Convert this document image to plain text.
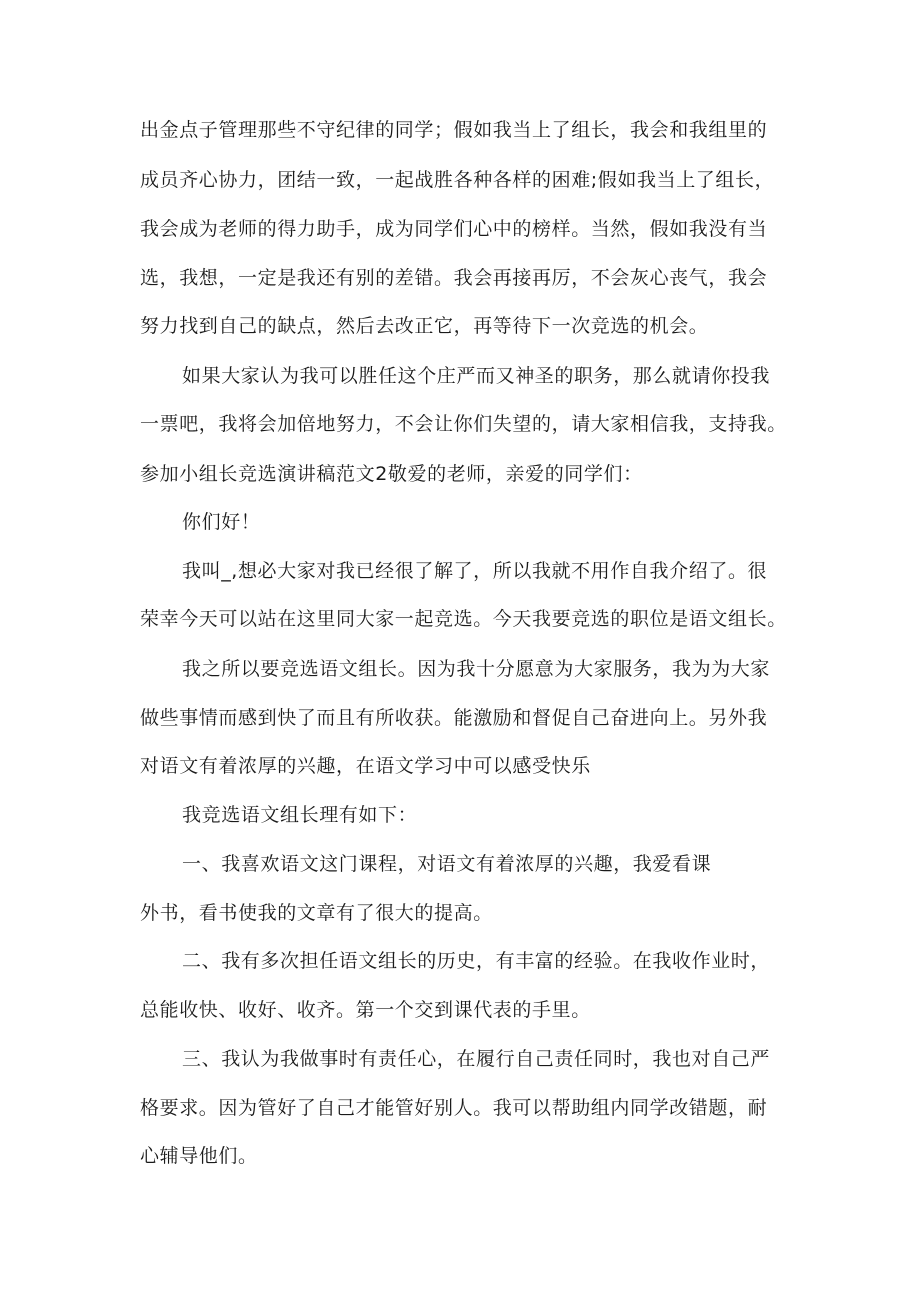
出金点子管理那些不守纪律的同学；假如我当上了组长，我会和我组里的
成员齐心协力，团结一致，一起战胜各种各样的困难;假如我当上了组长，
我会成为老师的得力助手，成为同学们心中的榜样。当然，假如我没有当
选，我想，一定是我还有别的差错。我会再接再厉，不会灰心丧气，我会
努力找到自己的缺点，然后去改正它，再等待下一次竞选的机会。
如果大家认为我可以胜任这个庄严而又神圣的职务，那么就请你投我
一票吧，我将会加倍地努力，不会让你们失望的，请大家相信我，支持我。
参加小组长竞选演讲稿范文2敬爱的老师，亲爱的同学们：
你们好！
我叫_,想必大家对我已经很了解了，所以我就不用作自我介绍了。很
荣幸今天可以站在这里同大家一起竞选。今天我要竞选的职位是语文组长。
我之所以要竞选语文组长。因为我十分愿意为大家服务，我为为大家
做些事情而感到快了而且有所收获。能激励和督促自己奋进向上。另外我
对语文有着浓厚的兴趣，在语文学习中可以感受快乐
我竞选语文组长理有如下：
一、我喜欢语文这门课程，对语文有着浓厚的兴趣，我爱看课
外书，看书使我的文章有了很大的提高。
二、我有多次担任语文组长的历史，有丰富的经验。在我收作业时，
总能收快、收好、收齐。第一个交到课代表的手里。
三、我认为我做事时有责任心，在履行自己责任同时，我也对自己严
格要求。因为管好了自己才能管好别人。我可以帮助组内同学改错题，耐
心辅导他们。
